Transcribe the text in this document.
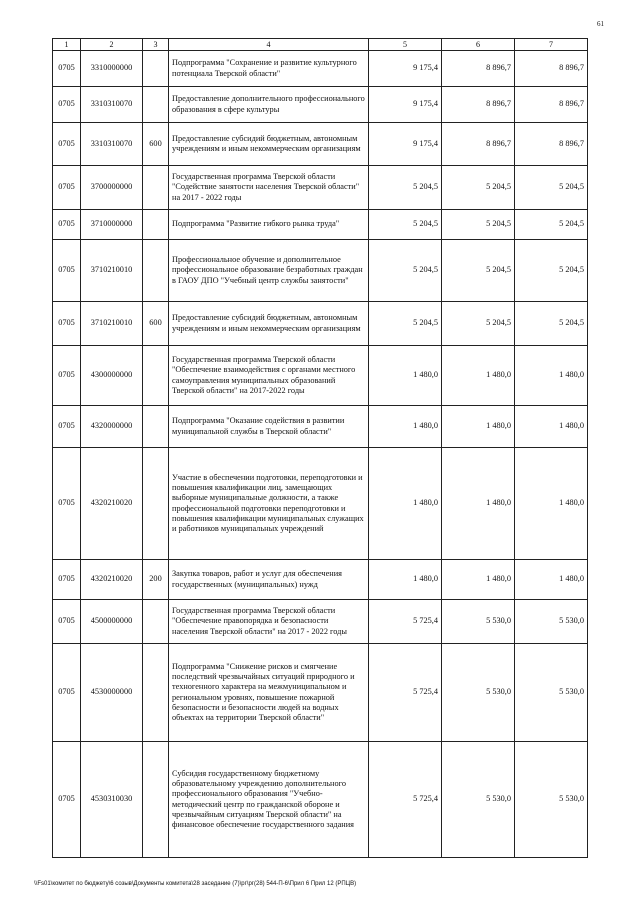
61
1	2	3	4	5	6	7
0705	3310000000		Подпрограмма "Сохранение и развитие культурного потенциала Тверской области"	9 175,4	8 896,7	8 896,7
0705	3310310070		Предоставление дополнительного профессионального образования в сфере культуры	9 175,4	8 896,7	8 896,7
0705	3310310070	600	Предоставление субсидий бюджетным, автономным учреждениям и иным некоммерческим организациям	9 175,4	8 896,7	8 896,7
0705	3700000000		Государственная программа Тверской области "Содействие занятости населения Тверской области" на 2017 - 2022 годы	5 204,5	5 204,5	5 204,5
0705	3710000000		Подпрограмма "Развитие гибкого рынка труда"	5 204,5	5 204,5	5 204,5
0705	3710210010		Профессиональное обучение и дополнительное профессиональное образование безработных граждан в ГАОУ ДПО "Учебный центр службы занятости"	5 204,5	5 204,5	5 204,5
0705	3710210010	600	Предоставление субсидий бюджетным, автономным учреждениям и иным некоммерческим организациям	5 204,5	5 204,5	5 204,5
0705	4300000000		Государственная программа Тверской области "Обеспечение взаимодействия с органами местного самоуправления муниципальных образований Тверской области" на 2017-2022 годы	1 480,0	1 480,0	1 480,0
0705	4320000000		Подпрограмма "Оказание содействия в развитии муниципальной службы в Тверской области"	1 480,0	1 480,0	1 480,0
0705	4320210020		Участие в обеспечении подготовки, переподготовки и повышения квалификации лиц, замещающих выборные муниципальные должности, а также профессиональной подготовки переподготовки и повышения квалификации муниципальных служащих и работников муниципальных учреждений	1 480,0	1 480,0	1 480,0
0705	4320210020	200	Закупка товаров, работ и услуг для обеспечения государственных (муниципальных) нужд	1 480,0	1 480,0	1 480,0
0705	4500000000		Государственная программа Тверской области "Обеспечение правопорядка и безопасности населения Тверской области" на 2017 - 2022 годы	5 725,4	5 530,0	5 530,0
0705	4530000000		Подпрограмма "Снижение рисков и смягчение последствий чрезвычайных ситуаций природного и техногенного характера на межмуниципальном и региональном уровнях, повышение пожарной безопасности и безопасности людей на водных объектах на территории Тверской области"	5 725,4	5 530,0	5 530,0
0705	4530310030		Субсидия государственному бюджетному образовательному учреждению дополнительного профессионального образования "Учебно-методический центр по гражданской обороне и чрезвычайным ситуациям Тверской области" на финансовое обеспечение государственного задания	5 725,4	5 530,0	5 530,0
\\Fs01\комитет по бюджету\6 созыв\Документы комитета\28 заседание (7)\рг\рг(28) 544-П-6\Прил 6 Прил 12 (РПЦВ)
